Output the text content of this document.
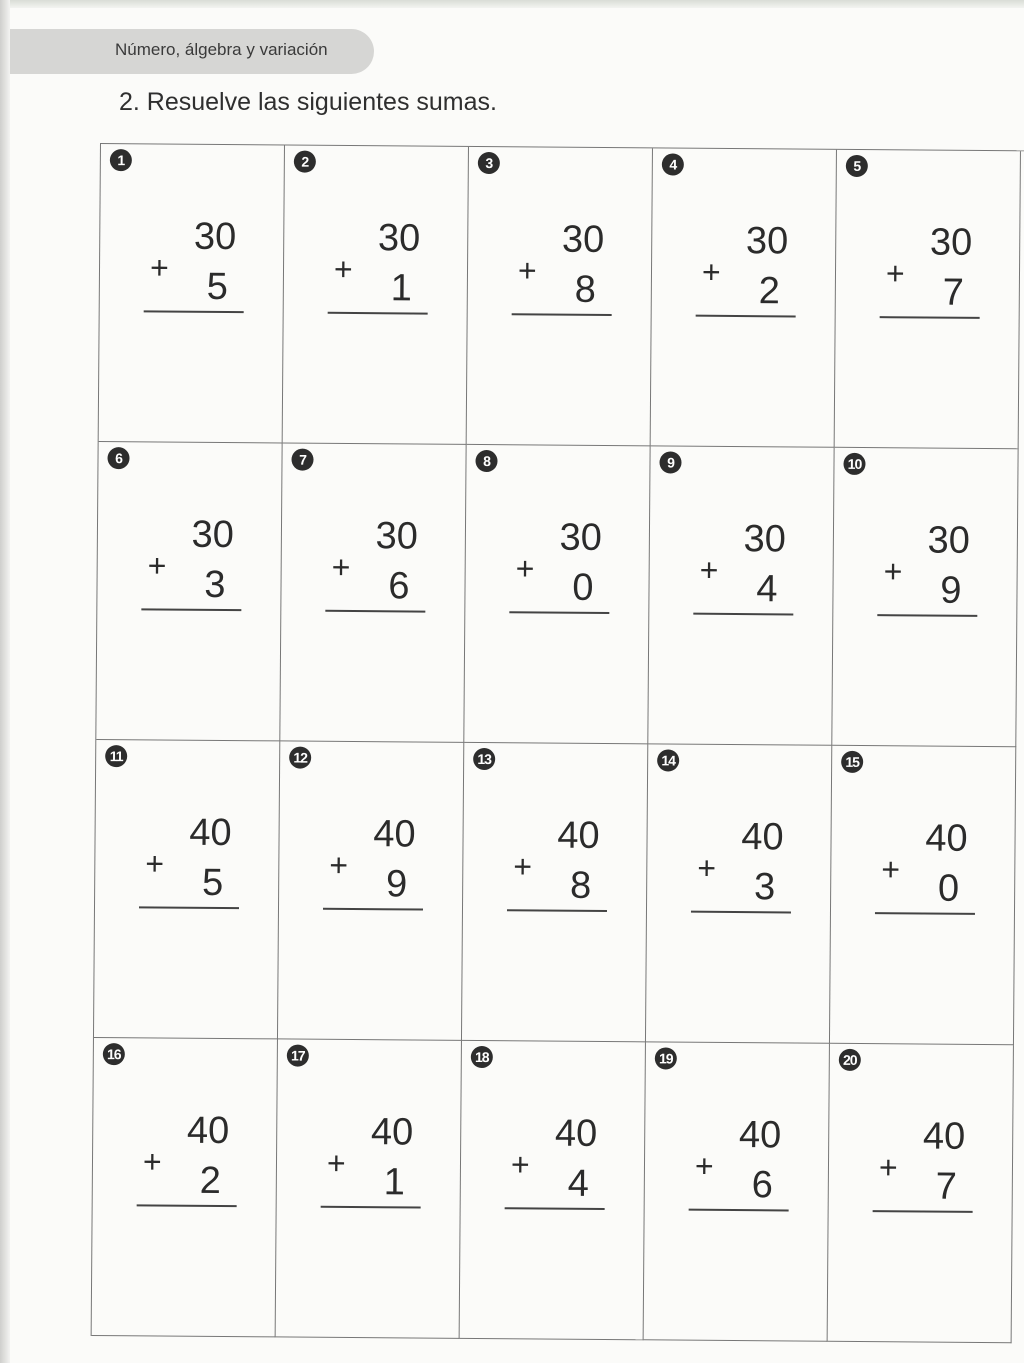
Número, álgebra y variación
2. Resuelve las siguientes sumas.
1
30
+ 5
2
30
+ 1
3
30
+ 8
4
30
+ 2
5
30
+ 7
6
30
+ 3
7
30
+ 6
8
30
+ 0
9
30
+ 4
10
30
+ 9
11
40
+ 5
12
40
+ 9
13
40
+ 8
14
40
+ 3
15
40
+ 0
16
40
+ 2
17
40
+ 1
18
40
+ 4
19
40
+ 6
20
40
+ 7
